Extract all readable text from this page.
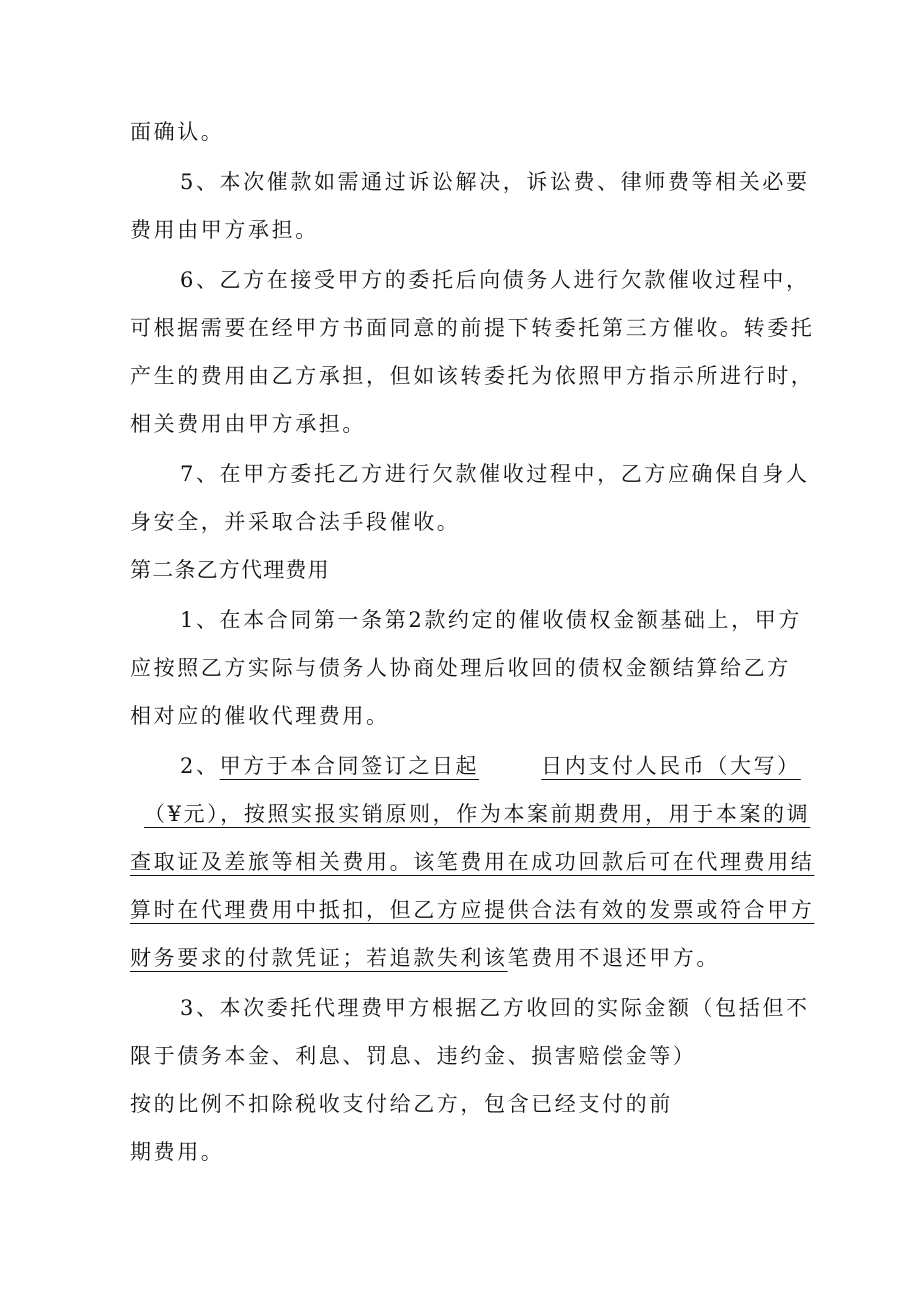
面确认。
5、本次催款如需通过诉讼解决，诉讼费、律师费等相关必要
费用由甲方承担。
6、乙方在接受甲方的委托后向债务人进行欠款催收过程中，
可根据需要在经甲方书面同意的前提下转委托第三方催收。转委托
产生的费用由乙方承担，但如该转委托为依照甲方指示所进行时，
相关费用由甲方承担。
7、在甲方委托乙方进行欠款催收过程中，乙方应确保自身人
身安全，并采取合法手段催收。
第二条乙方代理费用
1、在本合同第一条第2款约定的催收债权金额基础上，甲方
应按照乙方实际与债务人协商处理后收回的债权金额结算给乙方
相对应的催收代理费用。
2、甲方于本合同签订之日起	日内支付人民币（大写）
（¥元），按照实报实销原则，作为本案前期费用，用于本案的调
查取证及差旅等相关费用。该笔费用在成功回款后可在代理费用结
算时在代理费用中抵扣，但乙方应提供合法有效的发票或符合甲方
财务要求的付款凭证；若追款失利该笔费用不退还甲方。
3、本次委托代理费甲方根据乙方收回的实际金额（包括但不
限于债务本金、利息、罚息、违约金、损害赔偿金等）
按的比例不扣除税收支付给乙方，包含已经支付的前
期费用。
